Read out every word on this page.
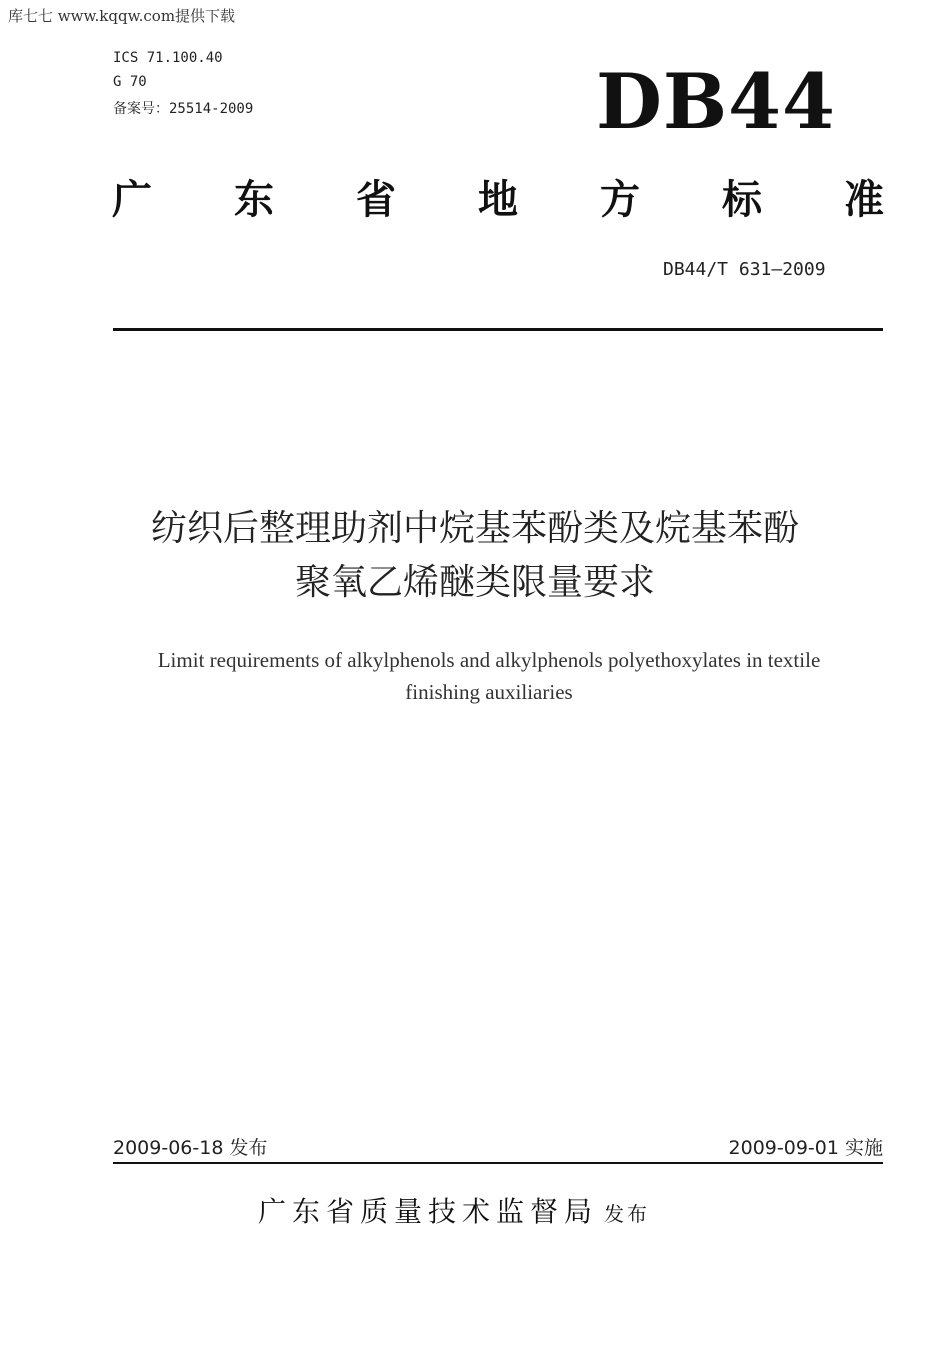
库七七 www.kqqw.com提供下载
ICS 71.100.40
G 70
备案号：25514-2009	DB44
广 东 省 地 方 标 准
DB44/T 631—2009
纺织后整理助剂中烷基苯酚类及烷基苯酚
聚氧乙烯醚类限量要求
Limit requirements of alkylphenols and alkylphenols polyethoxylates in textile
finishing auxiliaries
2009-06-18 发布	2009-09-01 实施
广东省质量技术监督局 发布
